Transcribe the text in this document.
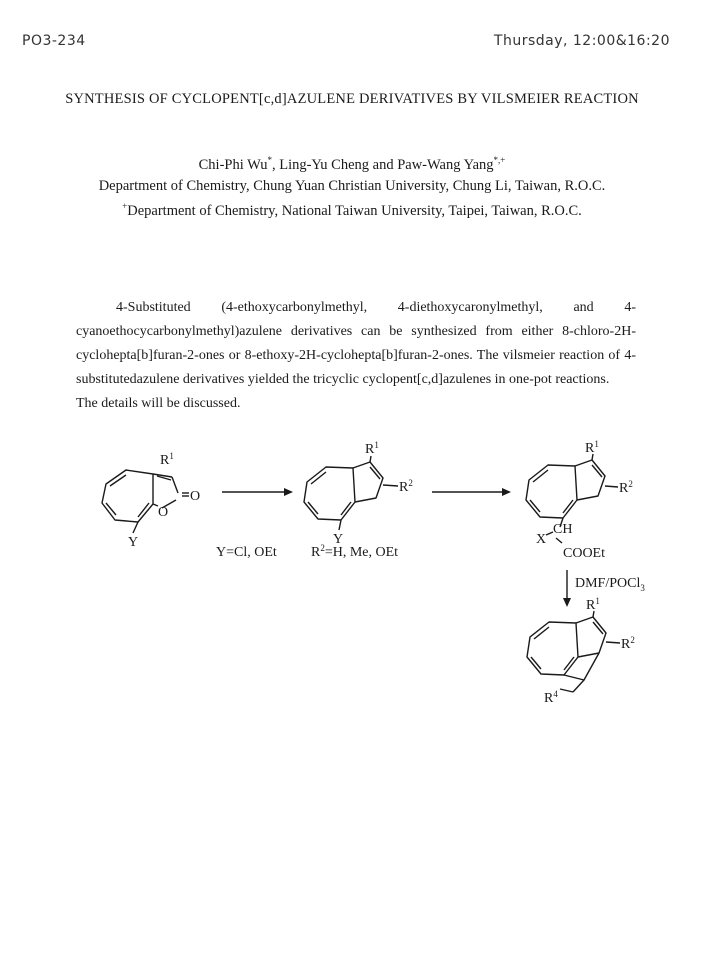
PO3-234	Thursday, 12:00&16:20
SYNTHESIS OF CYCLOPENT[c,d]AZULENE DERIVATIVES BY VILSMEIER REACTION
Chi-Phi Wu*, Ling-Yu Cheng and Paw-Wang Yang*,+
Department of Chemistry, Chung Yuan Christian University, Chung Li, Taiwan, R.O.C.
+Department of Chemistry, National Taiwan University, Taipei, Taiwan, R.O.C.

4-Substituted (4-ethoxycarbonylmethyl, 4-diethoxycaronylmethyl, and 4-cyanoethocycarbonylmethyl)azulene derivatives can be synthesized from either 8-chloro-2H-cyclohepta[b]furan-2-ones or 8-ethoxy-2H-cyclohepta[b]furan-2-ones. The vilsmeier reaction of 4-substitutedazulene derivatives yielded the tricyclic cyclopent[c,d]azulenes in one-pot reactions.

The details will be discussed.

$R^1$
O
O
Y
$R^1$
$R^2$
Y
$R^1$
$R^2$
CH
X
COOEt
Y=Cl, OEt $R^2=H$, Me, OEt
DMF/POCl$_3$
$R^1$
$R^2$
$R^4$
